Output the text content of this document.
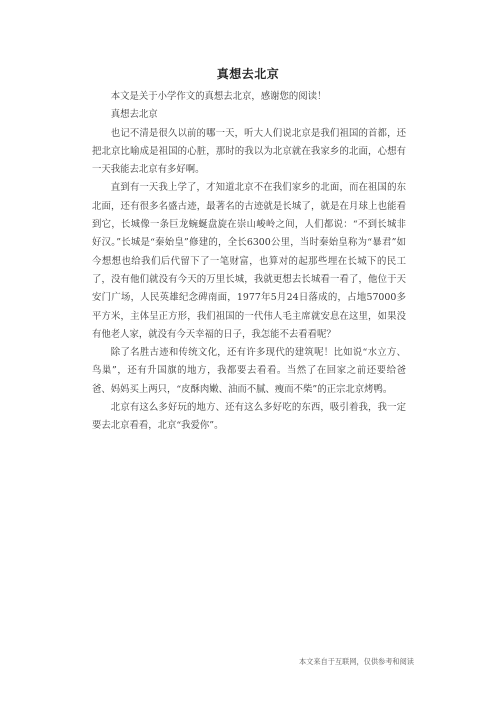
真想去北京

本文是关于小学作文的真想去北京，感谢您的阅读！

真想去北京

也记不清是很久以前的哪一天，听大人们说北京是我们祖国的首都，还把北京比喻成是祖国的心脏，那时的我以为北京就在我家乡的北面，心想有一天我能去北京有多好啊。

直到有一天我上学了，才知道北京不在我们家乡的北面，而在祖国的东北面，还有很多名盛古迹，最著名的古迹就是长城了，就是在月球上也能看到它，长城像一条巨龙蜿蜒盘旋在崇山峻岭之间，人们都说：“不到长城非好汉。”长城是“秦始皇”修建的，全长6300公里，当时秦始皇称为“暴君”如今想想也给我们后代留下了一笔财富，也算对的起那些埋在长城下的民工了，没有他们就没有今天的万里长城，我就更想去长城看一看了，他位于天安门广场，人民英雄纪念碑南面，1977年5月24日落成的，占地57000多平方米，主体呈正方形，我们祖国的一代伟人毛主席就安息在这里，如果没有他老人家，就没有今天幸福的日子，我怎能不去看看呢？

除了名胜古迹和传统文化，还有许多现代的建筑呢！比如说“水立方、鸟巢”，还有升国旗的地方，我都要去看看。当然了在回家之前还要给爸爸、妈妈买上两只，“皮酥肉嫩、油而不腻、瘦而不柴”的正宗北京烤鸭。

北京有这么多好玩的地方、还有这么多好吃的东西，吸引着我，我一定要去北京看看，北京“我爱你”。

本文来自于互联网，仅供参考和阅读
